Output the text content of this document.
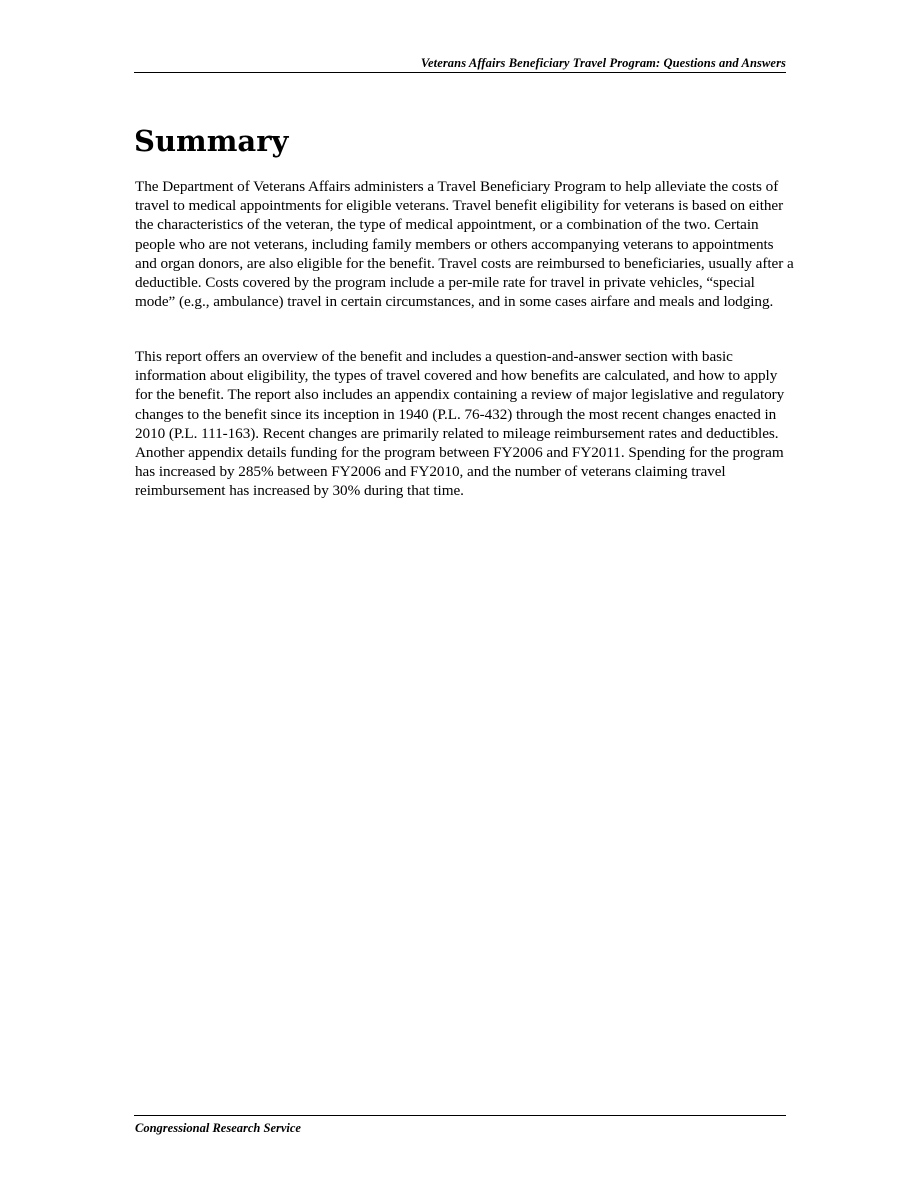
Veterans Affairs Beneficiary Travel Program: Questions and Answers
Summary

The Department of Veterans Affairs administers a Travel Beneficiary Program to help alleviate the costs of travel to medical appointments for eligible veterans. Travel benefit eligibility for veterans is based on either the characteristics of the veteran, the type of medical appointment, or a combination of the two. Certain people who are not veterans, including family members or others accompanying veterans to appointments and organ donors, are also eligible for the benefit. Travel costs are reimbursed to beneficiaries, usually after a deductible. Costs covered by the program include a per-mile rate for travel in private vehicles, “special mode” (e.g., ambulance) travel in certain circumstances, and in some cases airfare and meals and lodging.

This report offers an overview of the benefit and includes a question-and-answer section with basic information about eligibility, the types of travel covered and how benefits are calculated, and how to apply for the benefit. The report also includes an appendix containing a review of major legislative and regulatory changes to the benefit since its inception in 1940 (P.L. 76-432) through the most recent changes enacted in 2010 (P.L. 111-163). Recent changes are primarily related to mileage reimbursement rates and deductibles. Another appendix details funding for the program between FY2006 and FY2011. Spending for the program has increased by 285% between FY2006 and FY2010, and the number of veterans claiming travel reimbursement has increased by 30% during that time.

Congressional Research Service
